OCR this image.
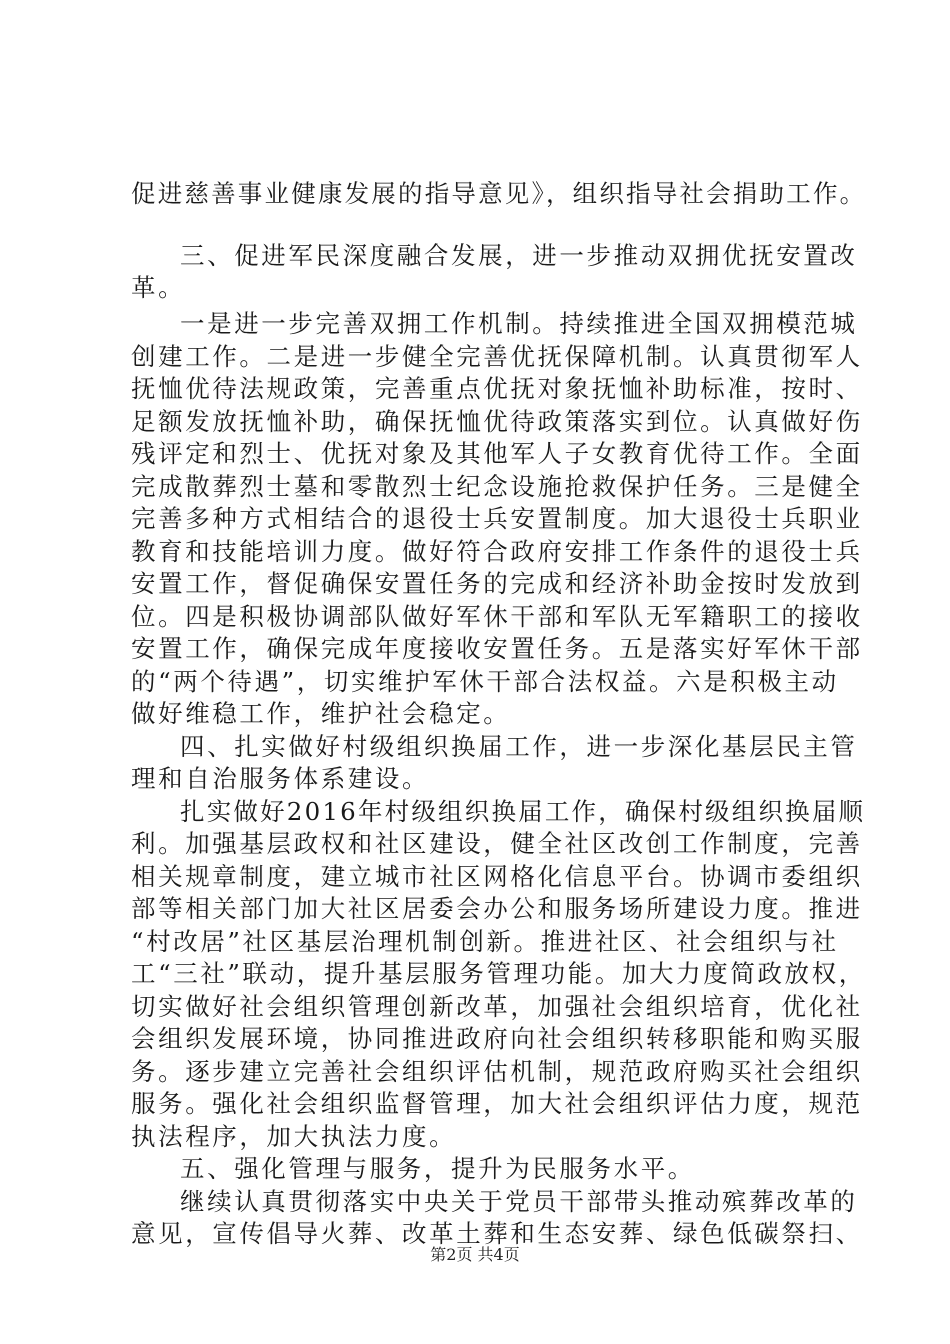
促进慈善事业健康发展的指导意见》，组织指导社会捐助工作。
三、促进军民深度融合发展，进一步推动双拥优抚安置改
革。
一是进一步完善双拥工作机制。持续推进全国双拥模范城
创建工作。二是进一步健全完善优抚保障机制。认真贯彻军人
抚恤优待法规政策，完善重点优抚对象抚恤补助标准，按时、
足额发放抚恤补助，确保抚恤优待政策落实到位。认真做好伤
残评定和烈士、优抚对象及其他军人子女教育优待工作。全面
完成散葬烈士墓和零散烈士纪念设施抢救保护任务。三是健全
完善多种方式相结合的退役士兵安置制度。加大退役士兵职业
教育和技能培训力度。做好符合政府安排工作条件的退役士兵
安置工作，督促确保安置任务的完成和经济补助金按时发放到
位。四是积极协调部队做好军休干部和军队无军籍职工的接收
安置工作，确保完成年度接收安置任务。五是落实好军休干部
的“两个待遇”，切实维护军休干部合法权益。六是积极主动
做好维稳工作，维护社会稳定。
四、扎实做好村级组织换届工作，进一步深化基层民主管
理和自治服务体系建设。
扎实做好2016年村级组织换届工作，确保村级组织换届顺
利。加强基层政权和社区建设，健全社区改创工作制度，完善
相关规章制度，建立城市社区网格化信息平台。协调市委组织
部等相关部门加大社区居委会办公和服务场所建设力度。推进
“村改居”社区基层治理机制创新。推进社区、社会组织与社
工“三社”联动，提升基层服务管理功能。加大力度简政放权，
切实做好社会组织管理创新改革，加强社会组织培育，优化社
会组织发展环境，协同推进政府向社会组织转移职能和购买服
务。逐步建立完善社会组织评估机制，规范政府购买社会组织
服务。强化社会组织监督管理，加大社会组织评估力度，规范
执法程序，加大执法力度。
五、强化管理与服务，提升为民服务水平。
继续认真贯彻落实中央关于党员干部带头推动殡葬改革的
意见，宣传倡导火葬、改革土葬和生态安葬、绿色低碳祭扫、
第2页 共4页
